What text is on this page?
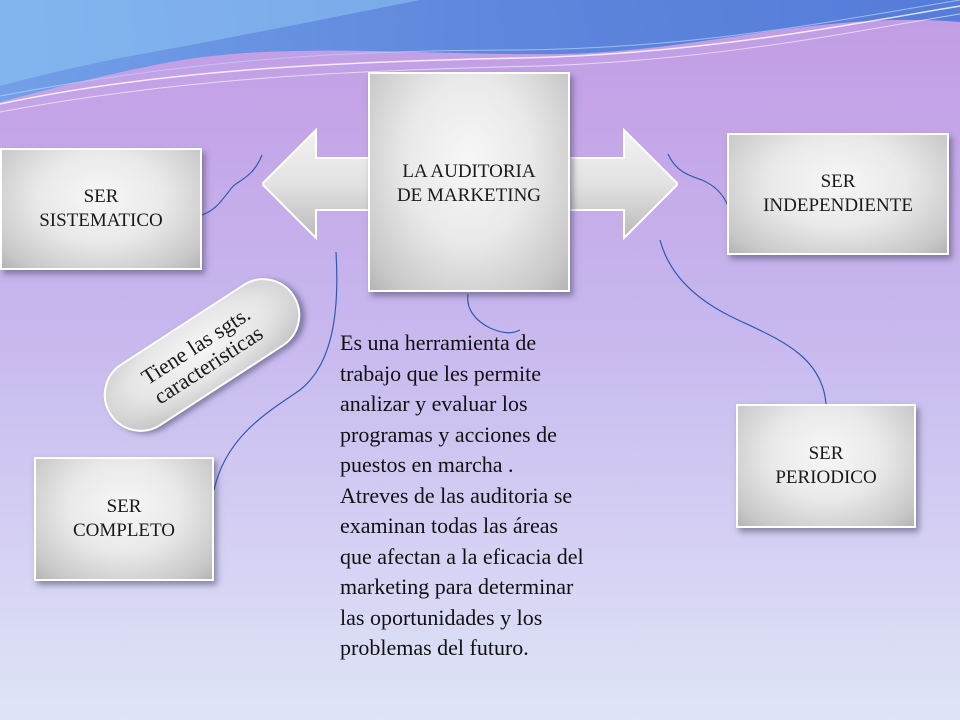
LA AUDITORIA
DE MARKETING
SER
SISTEMATICO
SER
INDEPENDIENTE
SER
PERIODICO
SER
COMPLETO
Tiene las sgts. caracteristicas	Es una herramienta de
trabajo que les permite
analizar y evaluar los
programas y acciones de
puestos en marcha .
Atreves de las auditoria se
examinan todas las áreas
que afectan a la eficacia del
marketing para determinar
las oportunidades y los
problemas del futuro.
